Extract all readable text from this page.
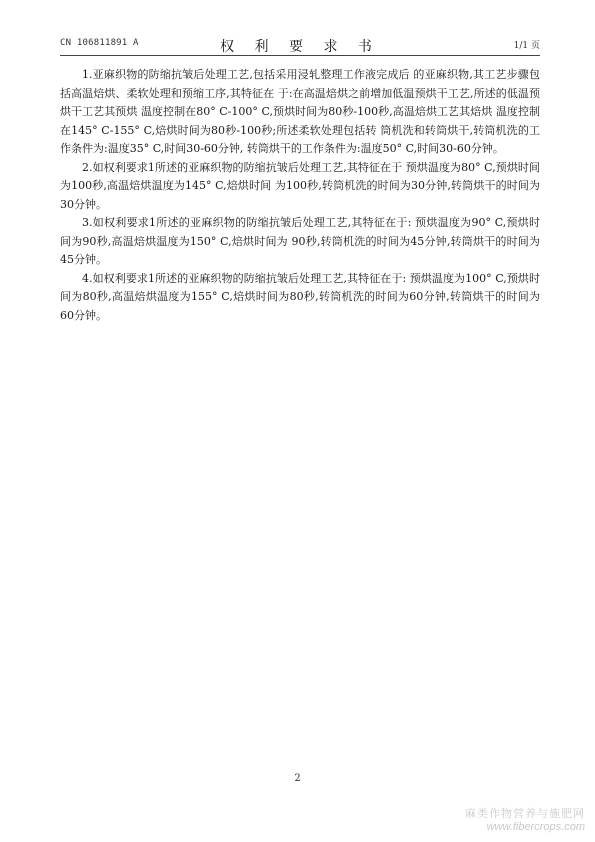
CN 106811891 A	权 利 要 求 书	1/1 页

1.亚麻织物的防缩抗皱后处理工艺,包括采用浸轧整理工作液完成后 的亚麻织物,其工艺步骤包括高温焙烘、柔软处理和预缩工序,其特征在 于:在高温焙烘之前增加低温预烘干工艺,所述的低温预烘干工艺其预烘 温度控制在80° C-100° C,预烘时间为80秒-100秒,高温焙烘工艺其焙烘 温度控制在145° C-155° C,焙烘时间为80秒-100秒;所述柔软处理包括转 筒机洗和转筒烘干,转筒机洗的工作条件为:温度35° C,时间30-60分钟, 转筒烘干的工作条件为:温度50° C,时间30-60分钟。

2.如权利要求1所述的亚麻织物的防缩抗皱后处理工艺,其特征在于 预烘温度为80° C,预烘时间为100秒,高温焙烘温度为145° C,焙烘时间 为100秒,转筒机洗的时间为30分钟,转筒烘干的时间为30分钟。

3.如权利要求1所述的亚麻织物的防缩抗皱后处理工艺,其特征在于: 预烘温度为90° C,预烘时间为90秒,高温焙烘温度为150° C,焙烘时间为 90秒,转筒机洗的时间为45分钟,转筒烘干的时间为45分钟。

4.如权利要求1所述的亚麻织物的防缩抗皱后处理工艺,其特征在于: 预烘温度为100° C,预烘时间为80秒,高温焙烘温度为155° C,焙烘时间为80秒,转筒机洗的时间为60分钟,转筒烘干的时间为60分钟。

2
麻类作物营养与施肥网
www.fibercrops.com
